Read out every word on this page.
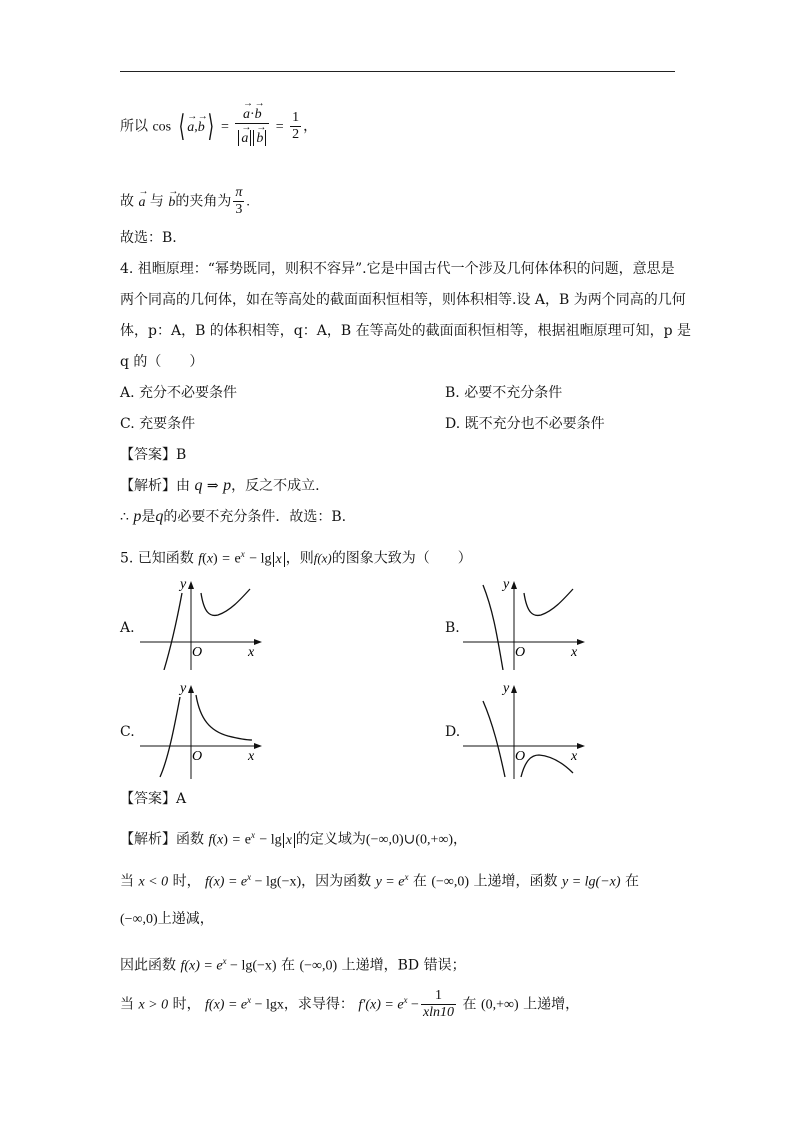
所以 cos ⟨ → a,→ b⟩ = → a·→ b
→ $a \to b = \frac{1}{2}$ ，
故 → a 与 → b的夹角为 $\frac{\pi}{3}$ .
故选：B.
4. 祖暅原理：“幂势既同，则积不容异”.它是中国古代一个涉及几何体体积的问题，意思是
两个同高的几何体，如在等高处的截面面积恒相等，则体积相等.设 A，B 为两个同高的几何
体，p：A，B 的体积相等，q：A，B 在等高处的截面面积恒相等，根据祖暅原理可知，p 是
q 的（　　）
A. 充分不必要条件	B. 必要不充分条件
C. 充要条件	D. 既不充分也不必要条件
【答案】B
【解析】由 q ⇒ p，反之不成立.
∴ p是q的必要不充分条件．故选：B.
5. 已知函数 $f(x) = e^x - \lg x$ ，则f(x)的图象大致为（　　）
A.	B.
C.	D.
y
O	x
y
O	x
y
O	x
y
O	x
【答案】A
【解析】函数 $f(x) = e^x - \lg x$ 的定义域为(−∞,0)∪(0,+∞)，
当 x < 0 时， $f(x) = e^x - \lg(-x)$，因为函数 $y = e^x$ 在 (−∞,0) 上递增，函数 y = lg(−x) 在
(−∞,0)上递减，
因此函数 $f(x) = e^x - \lg(-x)$ 在 (−∞,0) 上递增，BD 错误；
当 x > 0 时， $f(x) = e^x - \lg x$，求导得： $f'(x) = e^x - \frac{1}{xln10}$ 在 (0,+∞) 上递增，
